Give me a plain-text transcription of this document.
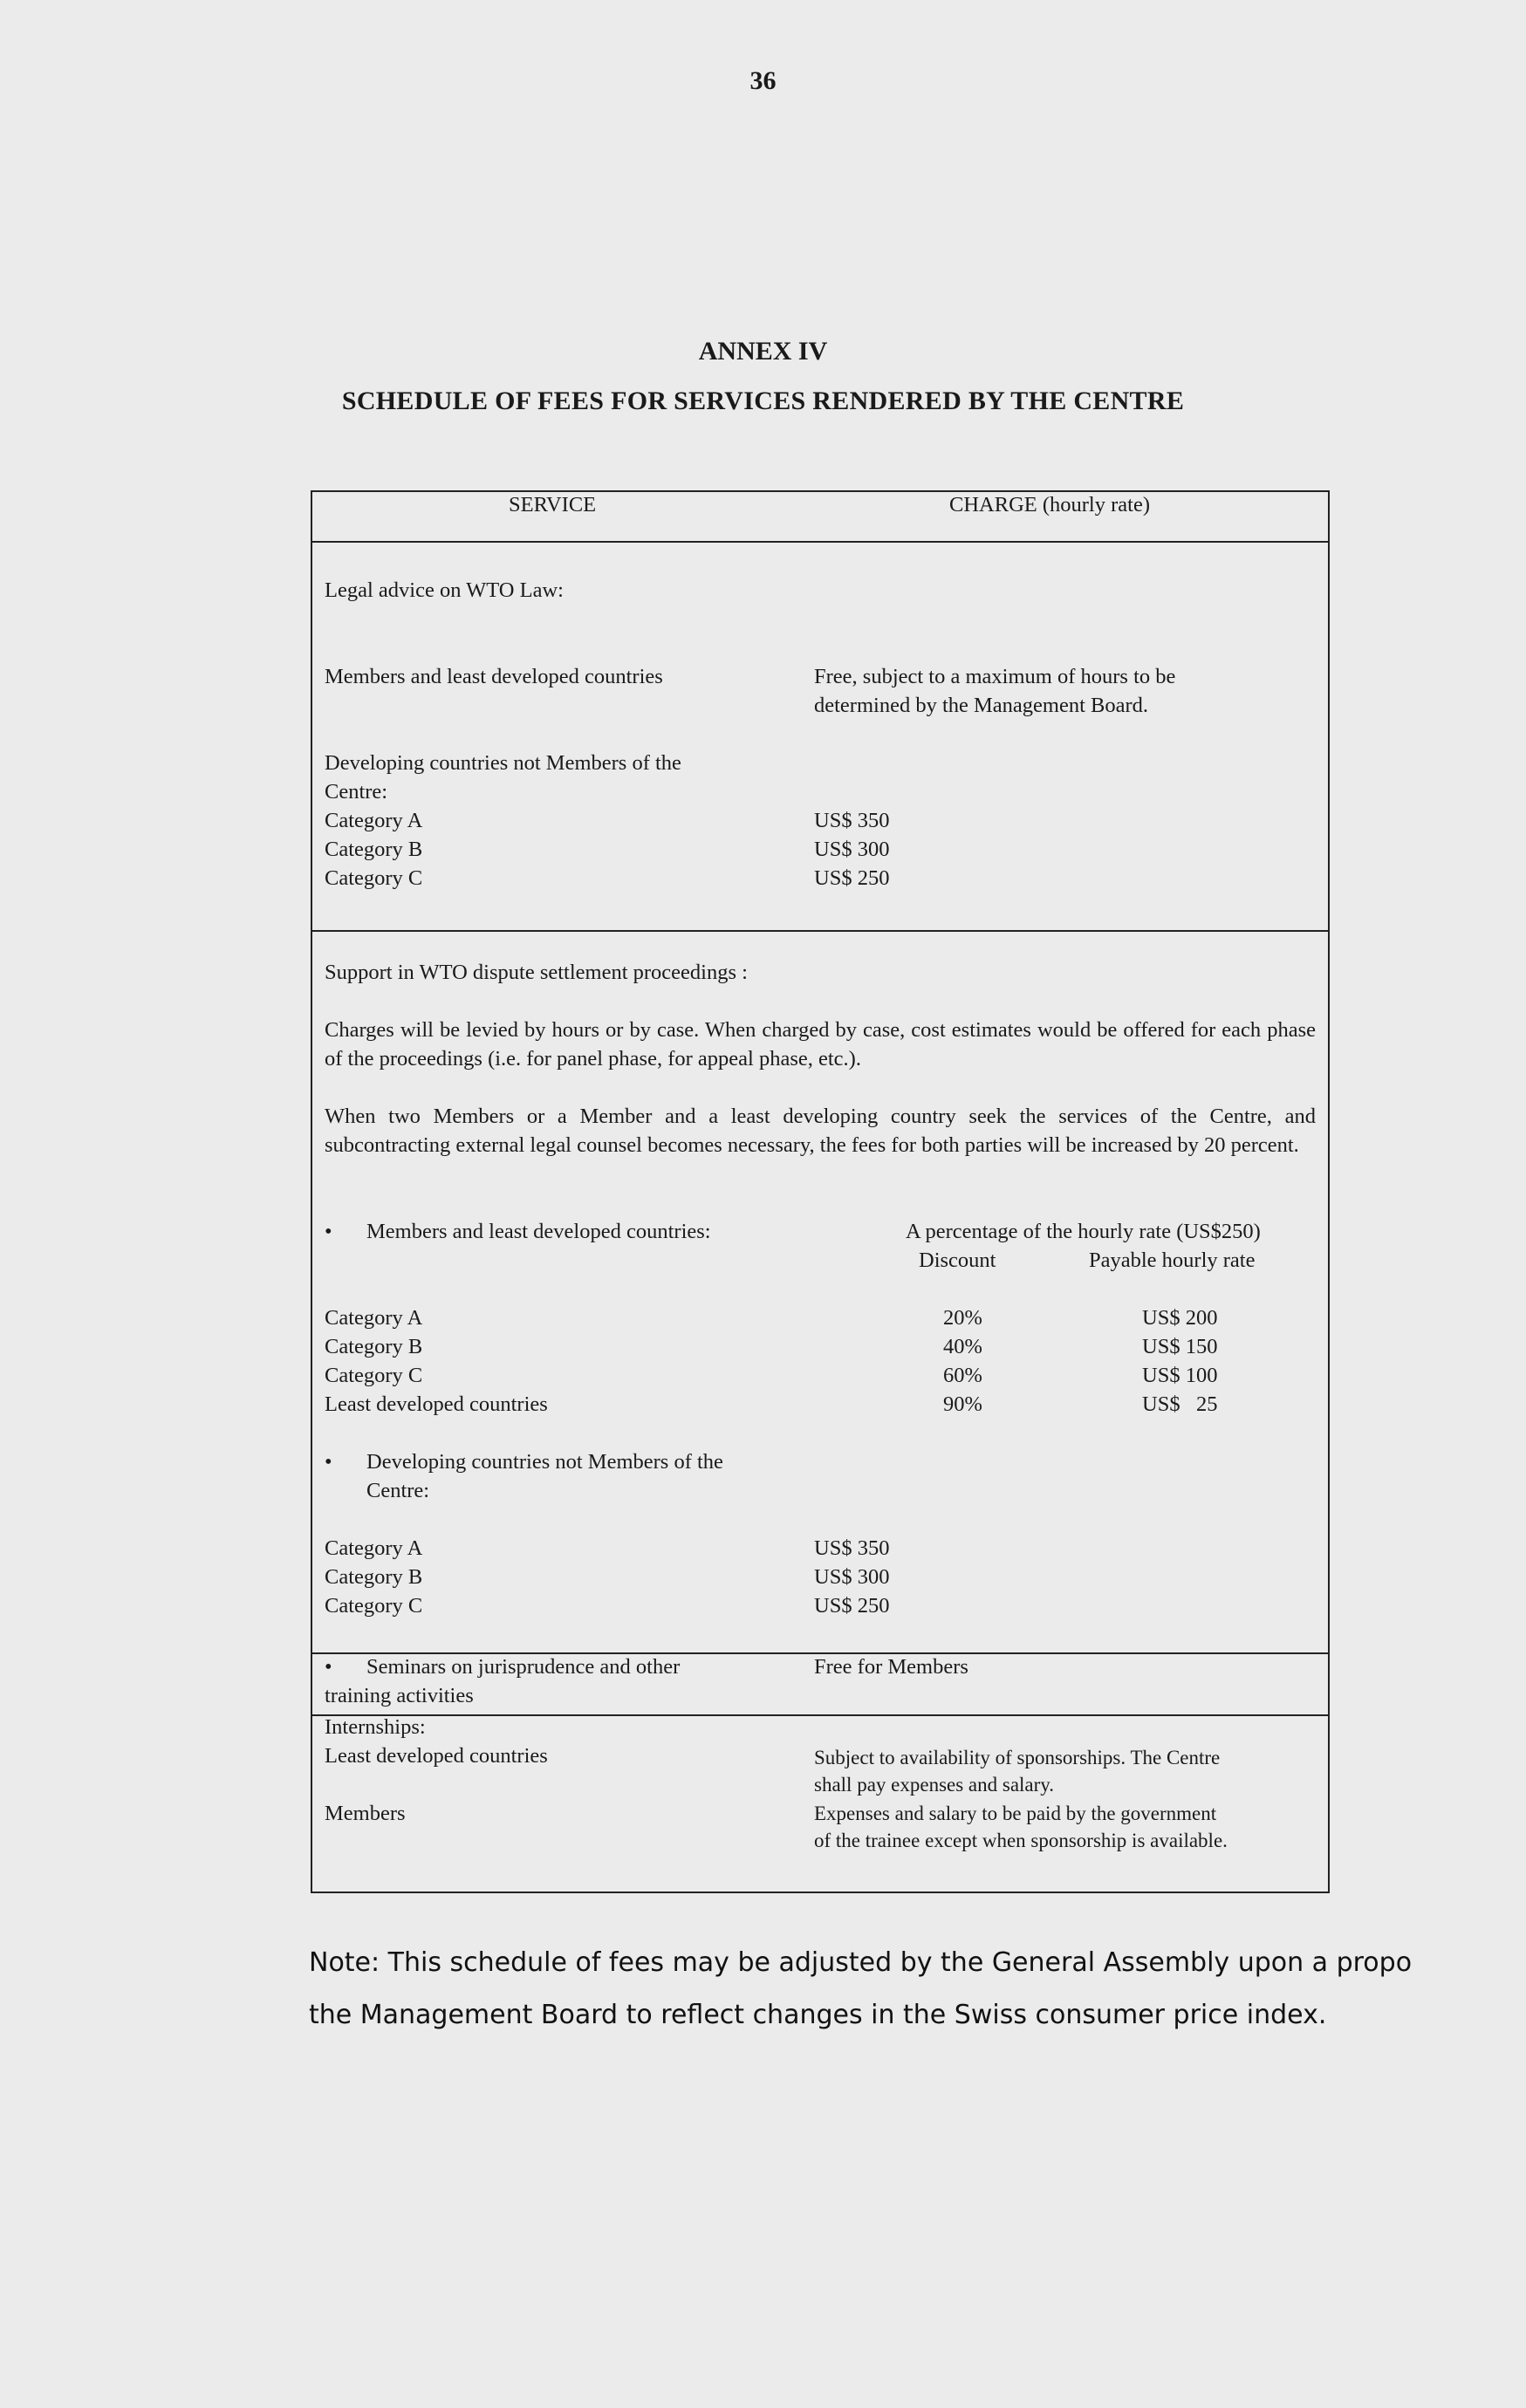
36
ANNEX IV
SCHEDULE OF FEES FOR SERVICES RENDERED BY THE CENTRE
SERVICE	CHARGE (hourly rate)
Legal advice on WTO Law:
Members and least developed countries	Free, subject to a maximum of hours to be
determined by the Management Board.
Developing countries not Members of the
Centre:
Category A	US$ 350
Category B	US$ 300
Category C	US$ 250
Support in WTO dispute settlement proceedings :
Charges will be levied by hours or by case. When charged by case, cost estimates would be offered for each phase of the proceedings (i.e. for panel phase, for appeal phase, etc.).
When two Members or a Member and a least developing country seek the services of the Centre, and subcontracting external legal counsel becomes necessary, the fees for both parties will be increased by 20 percent.
• Members and least developed countries:	A percentage of the hourly rate (US$250)
Discount	Payable hourly rate
Category A	20%	US$ 200
Category B	40%	US$ 150
Category C	60%	US$ 100
Least developed countries	90%	US$   25
• Developing countries not Members of the
Centre:
Category A	US$ 350
Category B	US$ 300
Category C	US$ 250
• Seminars on jurisprudence and other
training activities
Free for Members
Internships:
Least developed countries	Subject to availability of sponsorships. The Centre
shall pay expenses and salary.
Members	Expenses and salary to be paid by the government
of the trainee except when sponsorship is available.
Note: This schedule of fees may be adjusted by the General Assembly upon a propo
the Management Board to reflect changes in the Swiss consumer price index.
